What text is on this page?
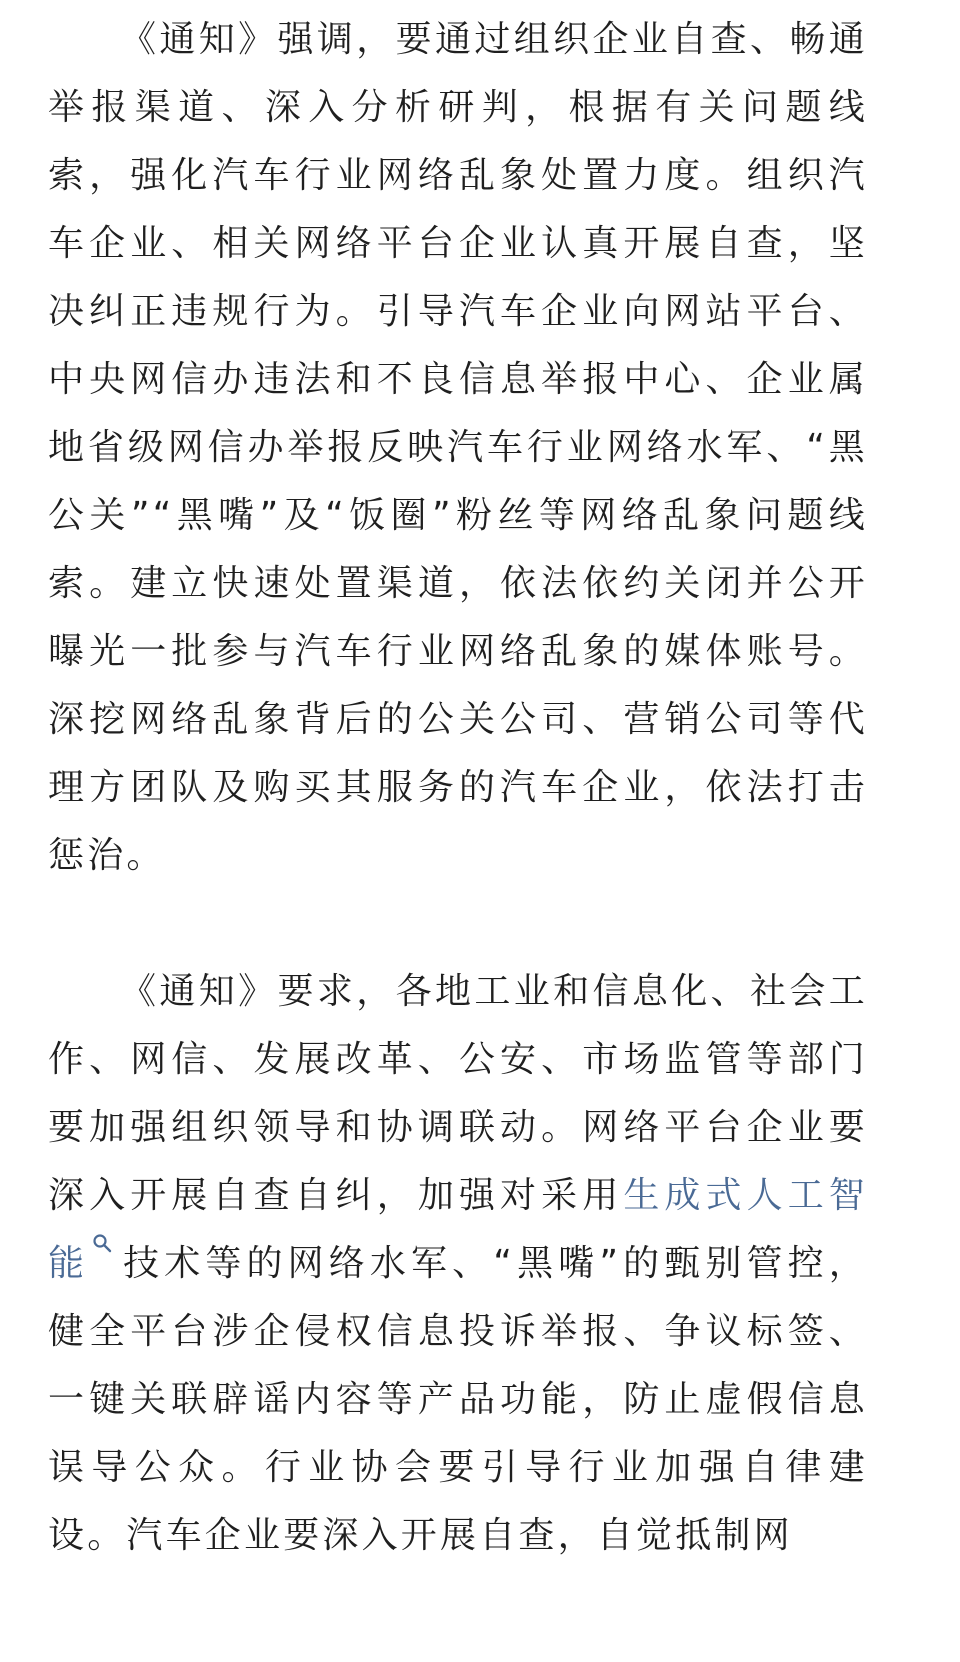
《通知》强调，要通过组织企业自查、畅通举报渠道、深入分析研判，根据有关问题线索，强化汽车行业网络乱象处置力度。组织汽车企业、相关网络平台企业认真开展自查，坚决纠正违规行为。引导汽车企业向网站平台、中央网信办违法和不良信息举报中心、企业属地省级网信办举报反映汽车行业网络水军、“黑公关”“黑嘴”及“饭圈”粉丝等网络乱象问题线索。建立快速处置渠道，依法依约关闭并公开曝光一批参与汽车行业网络乱象的媒体账号。深挖网络乱象背后的公关公司、营销公司等代理方团队及购买其服务的汽车企业，依法打击惩治。

《通知》要求，各地工业和信息化、社会工作、网信、发展改革、公安、市场监管等部门要加强组织领导和协调联动。网络平台企业要深入开展自查自纠，加强对采用生成式人工智能 技术等的网络水军、“黑嘴”的甄别管控，健全平台涉企侵权信息投诉举报、争议标签、一键关联辟谣内容等产品功能，防止虚假信息误导公众。行业协会要引导行业加强自律建设。汽车企业要深入开展自查，自觉抵制网
